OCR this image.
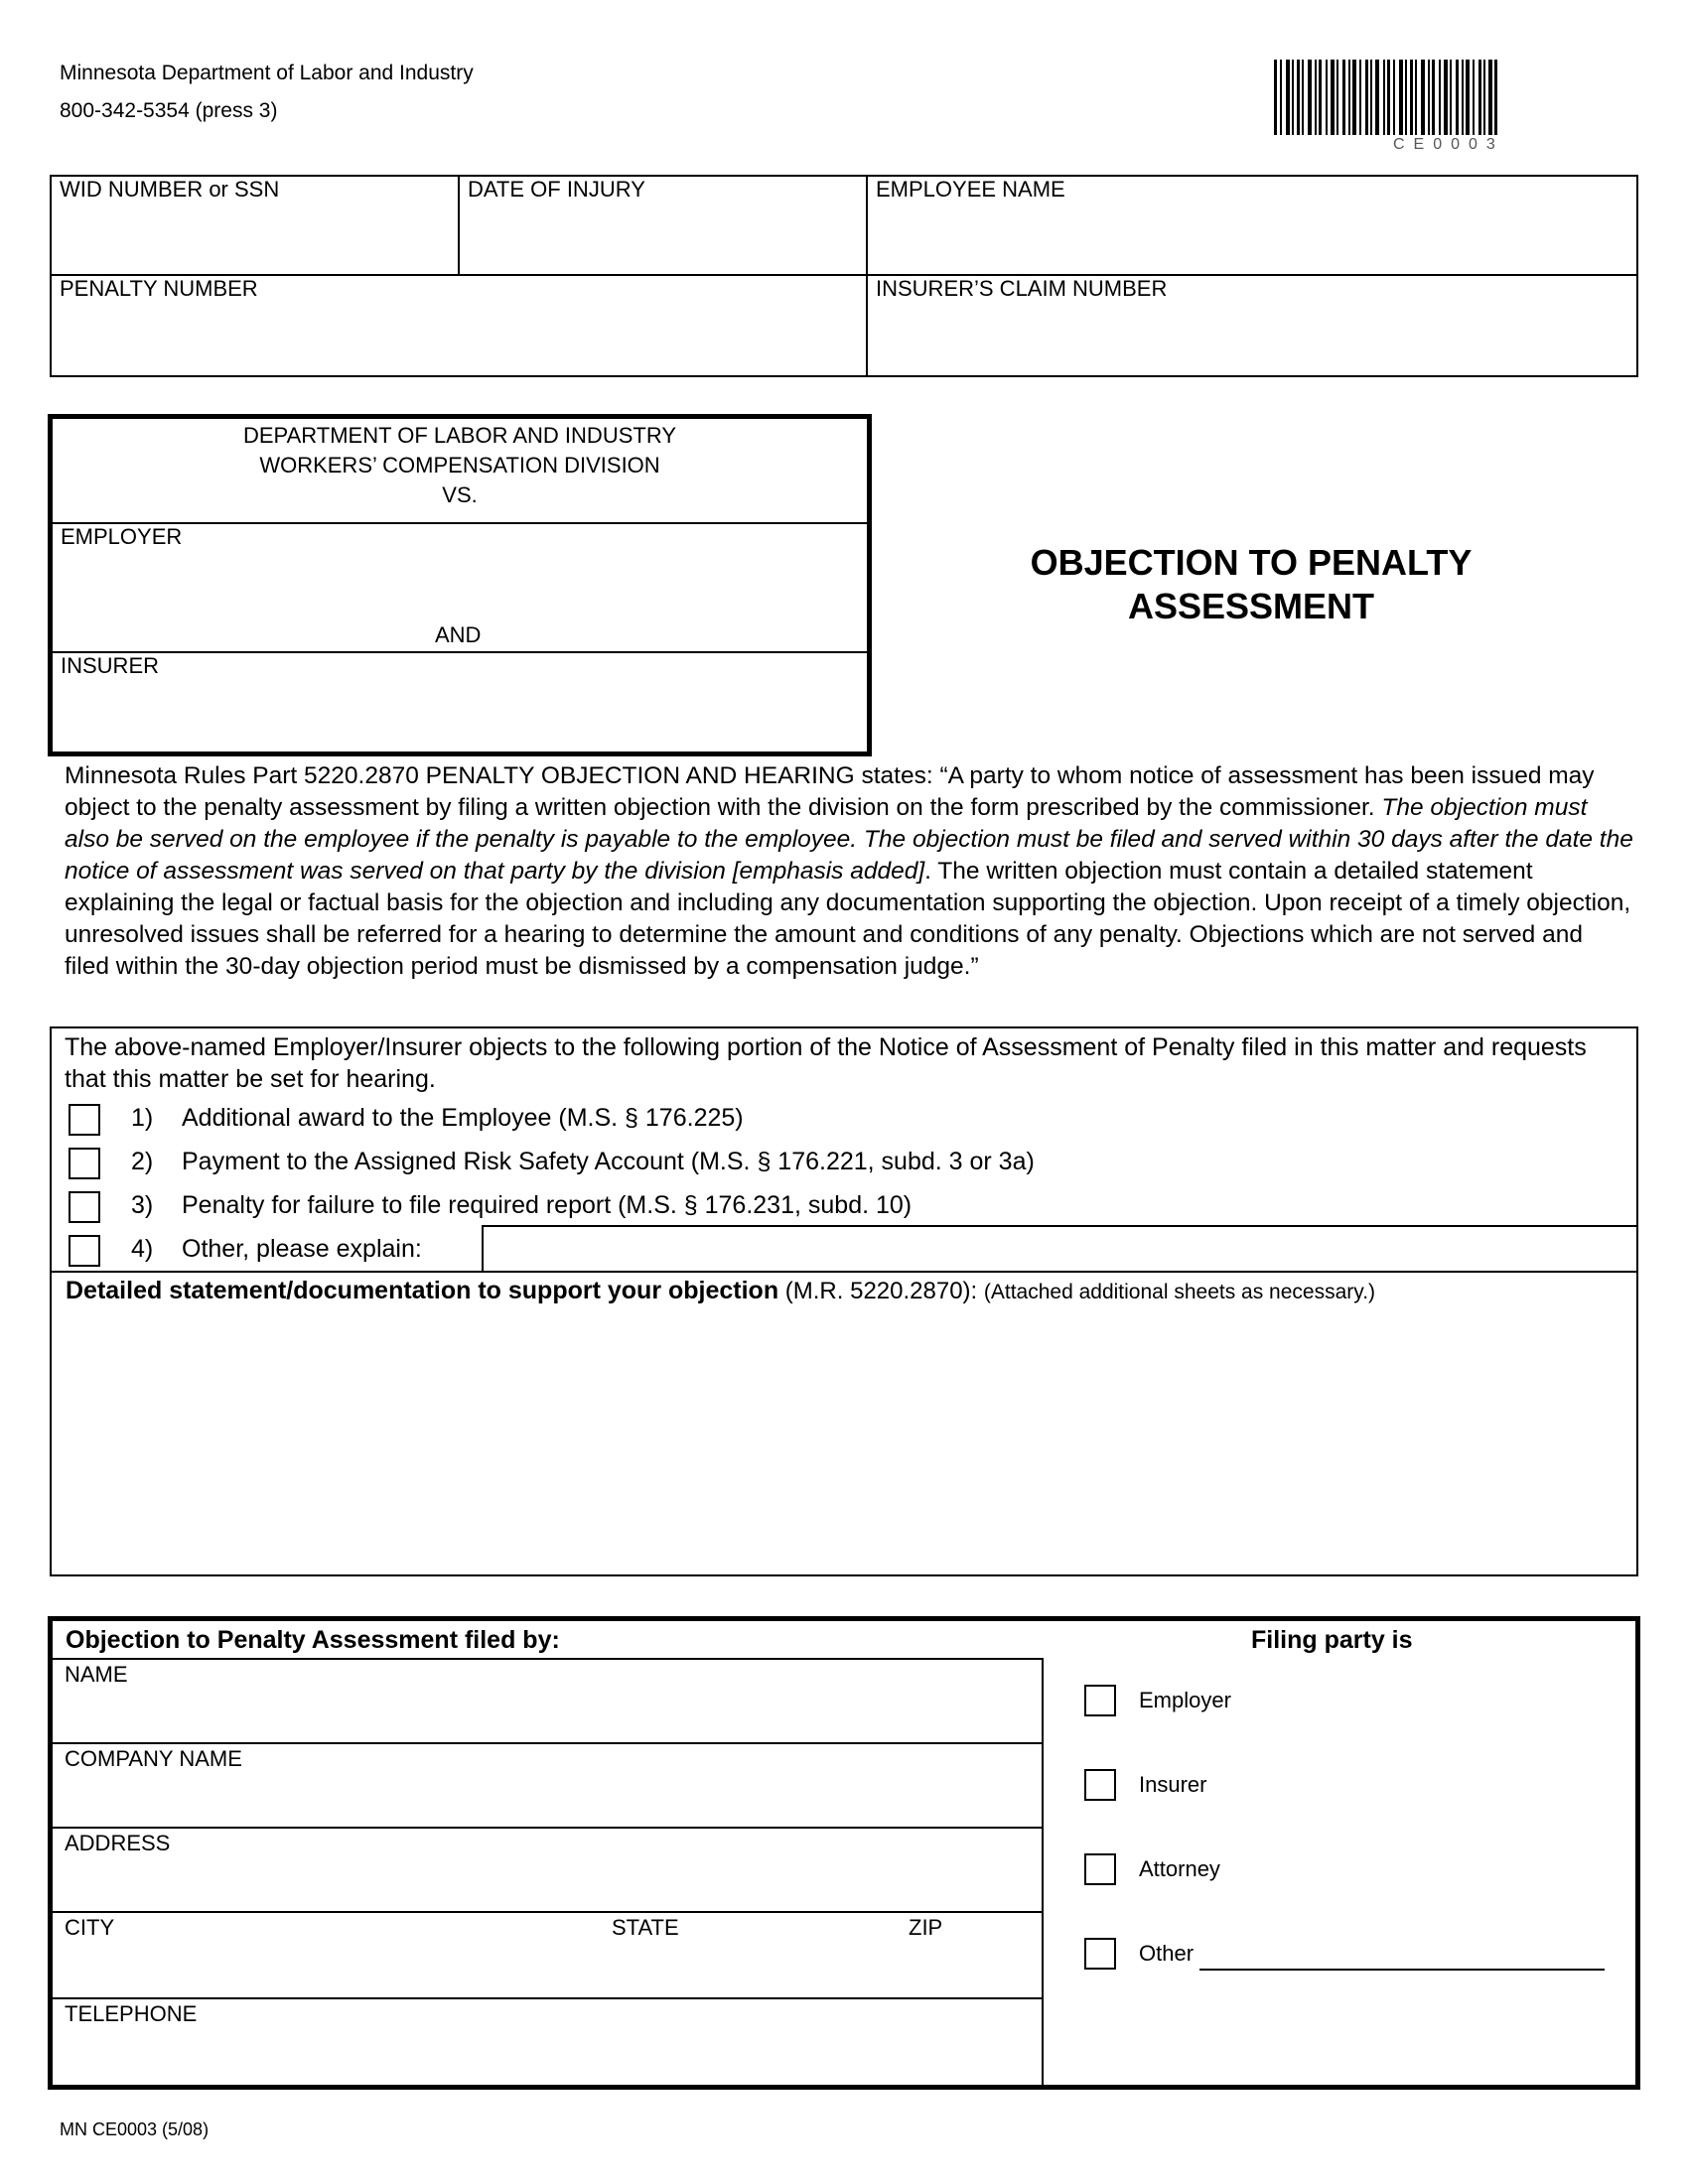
Minnesota Department of Labor and Industry
800-342-5354 (press 3)
CE0003
WID NUMBER or SSN	DATE OF INJURY	EMPLOYEE NAME
PENALTY NUMBER	INSURER’S CLAIM NUMBER
DEPARTMENT OF LABOR AND INDUSTRY
WORKERS’ COMPENSATION DIVISION
VS.
EMPLOYER
AND
INSURER
OBJECTION TO PENALTY
ASSESSMENT
Minnesota Rules Part 5220.2870 PENALTY OBJECTION AND HEARING states: “A party to whom notice of assessment has been issued may object to the penalty assessment by filing a written objection with the division on the form prescribed by the commissioner. The objection must also be served on the employee if the penalty is payable to the employee. The objection must be filed and served within 30 days after the date the notice of assessment was served on that party by the division [emphasis added]. The written objection must contain a detailed statement explaining the legal or factual basis for the objection and including any documentation supporting the objection. Upon receipt of a timely objection, unresolved issues shall be referred for a hearing to determine the amount and conditions of any penalty. Objections which are not served and filed within the 30-day objection period must be dismissed by a compensation judge.”
The above-named Employer/Insurer objects to the following portion of the Notice of Assessment of Penalty filed in this matter and requests that this matter be set for hearing.
1) Additional award to the Employee (M.S. § 176.225)
2) Payment to the Assigned Risk Safety Account (M.S. § 176.221, subd. 3 or 3a)
3) Penalty for failure to file required report (M.S. § 176.231, subd. 10)
4) Other, please explain:
Detailed statement/documentation to support your objection (M.R. 5220.2870): (Attached additional sheets as necessary.)
Objection to Penalty Assessment filed by:	Filing party is
NAME
COMPANY NAME
ADDRESS
CITY	STATE	ZIP
TELEPHONE
Employer
Insurer
Attorney
Other
MN CE0003 (5/08)
